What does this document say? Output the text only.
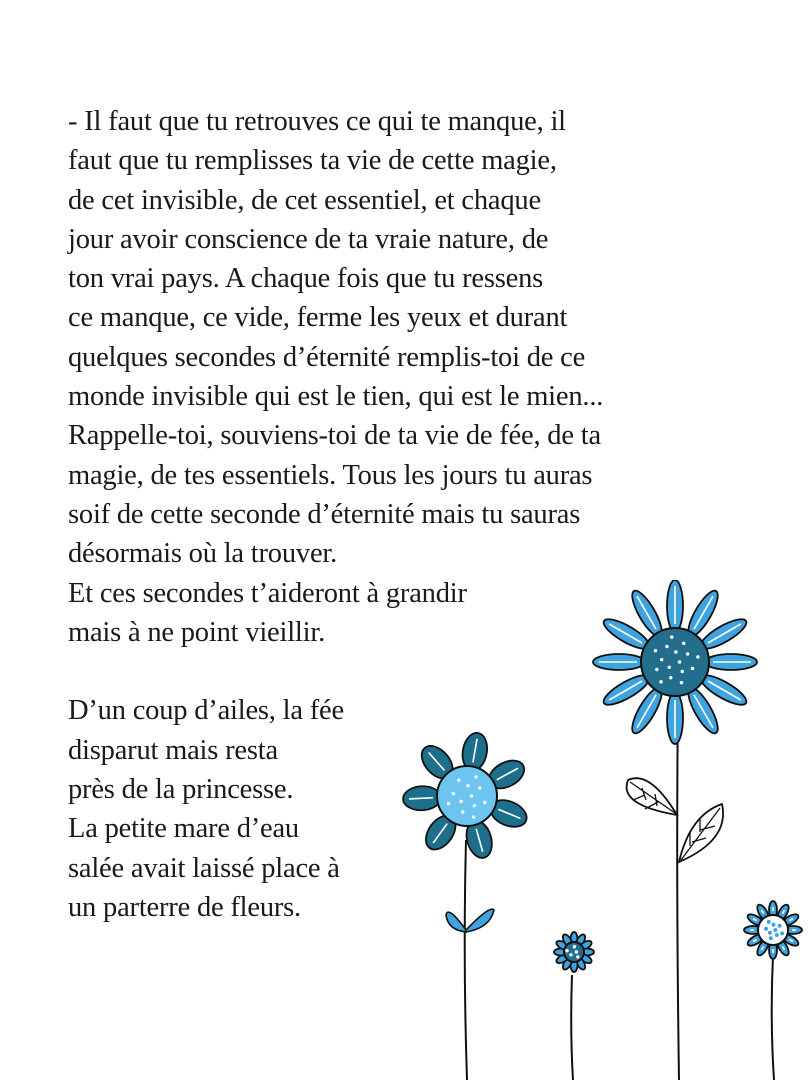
- Il faut que tu retrouves ce qui te manque, il
faut que tu remplisses ta vie de cette magie,
de cet invisible, de cet essentiel, et chaque
jour avoir conscience de ta vraie nature, de
ton vrai pays. A chaque fois que tu ressens
ce manque, ce vide, ferme les yeux et durant
quelques secondes d’éternité remplis-toi de ce
monde invisible qui est le tien, qui est le mien...
Rappelle-toi, souviens-toi de ta vie de fée, de ta
magie, de tes essentiels. Tous les jours tu auras
soif de cette seconde d’éternité mais tu sauras
désormais où la trouver.
Et ces secondes t’aideront à grandir
mais à ne point vieillir.
D’un coup d’ailes, la fée
disparut mais resta
près de la princesse.
La petite mare d’eau
salée avait laissé place à
un parterre de fleurs.
